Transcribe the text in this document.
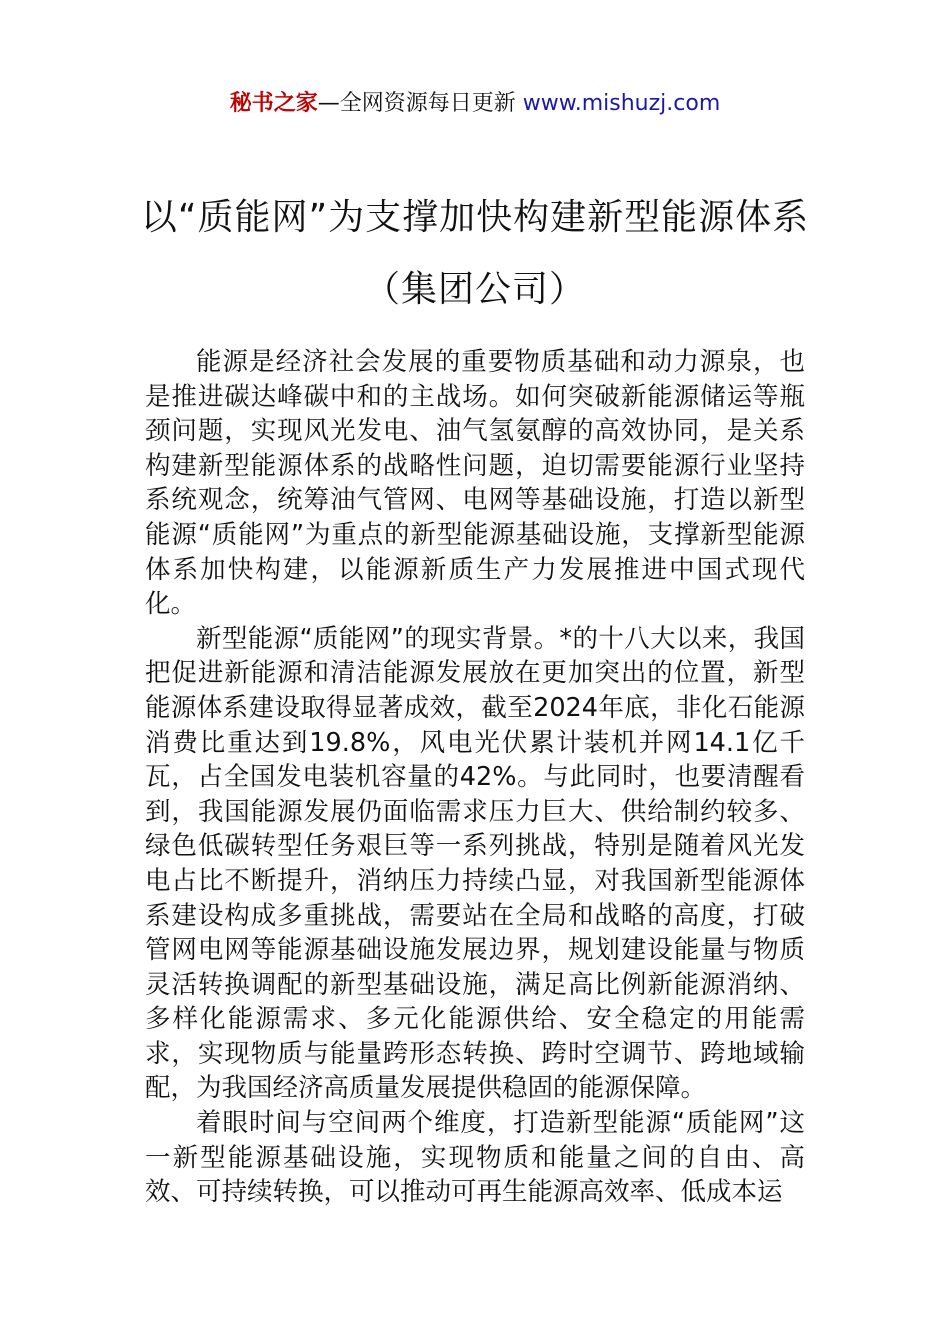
秘书之家—全网资源每日更新 www.mishuzj.com
以“质能网”为支撑加快构建新型能源体系（集团公司）

能源是经济社会发展的重要物质基础和动力源泉，也是推进碳达峰碳中和的主战场。如何突破新能源储运等瓶颈问题，实现风光发电、油气氢氨醇的高效协同，是关系构建新型能源体系的战略性问题，迫切需要能源行业坚持系统观念，统筹油气管网、电网等基础设施，打造以新型能源“质能网”为重点的新型能源基础设施，支撑新型能源体系加快构建，以能源新质生产力发展推进中国式现代化。

新型能源“质能网”的现实背景。*的十八大以来，我国把促进新能源和清洁能源发展放在更加突出的位置，新型能源体系建设取得显著成效，截至2024年底，非化石能源消费比重达到19.8%，风电光伏累计装机并网14.1亿千瓦，占全国发电装机容量的42%。与此同时，也要清醒看到，我国能源发展仍面临需求压力巨大、供给制约较多、绿色低碳转型任务艰巨等一系列挑战，特别是随着风光发电占比不断提升，消纳压力持续凸显，对我国新型能源体系建设构成多重挑战，需要站在全局和战略的高度，打破管网电网等能源基础设施发展边界，规划建设能量与物质灵活转换调配的新型基础设施，满足高比例新能源消纳、多样化能源需求、多元化能源供给、安全稳定的用能需求，实现物质与能量跨形态转换、跨时空调节、跨地域输配，为我国经济高质量发展提供稳固的能源保障。

着眼时间与空间两个维度，打造新型能源“质能网”这一新型能源基础设施，实现物质和能量之间的自由、高效、可持续转换，可以推动可再生能源高效率、低成本运
